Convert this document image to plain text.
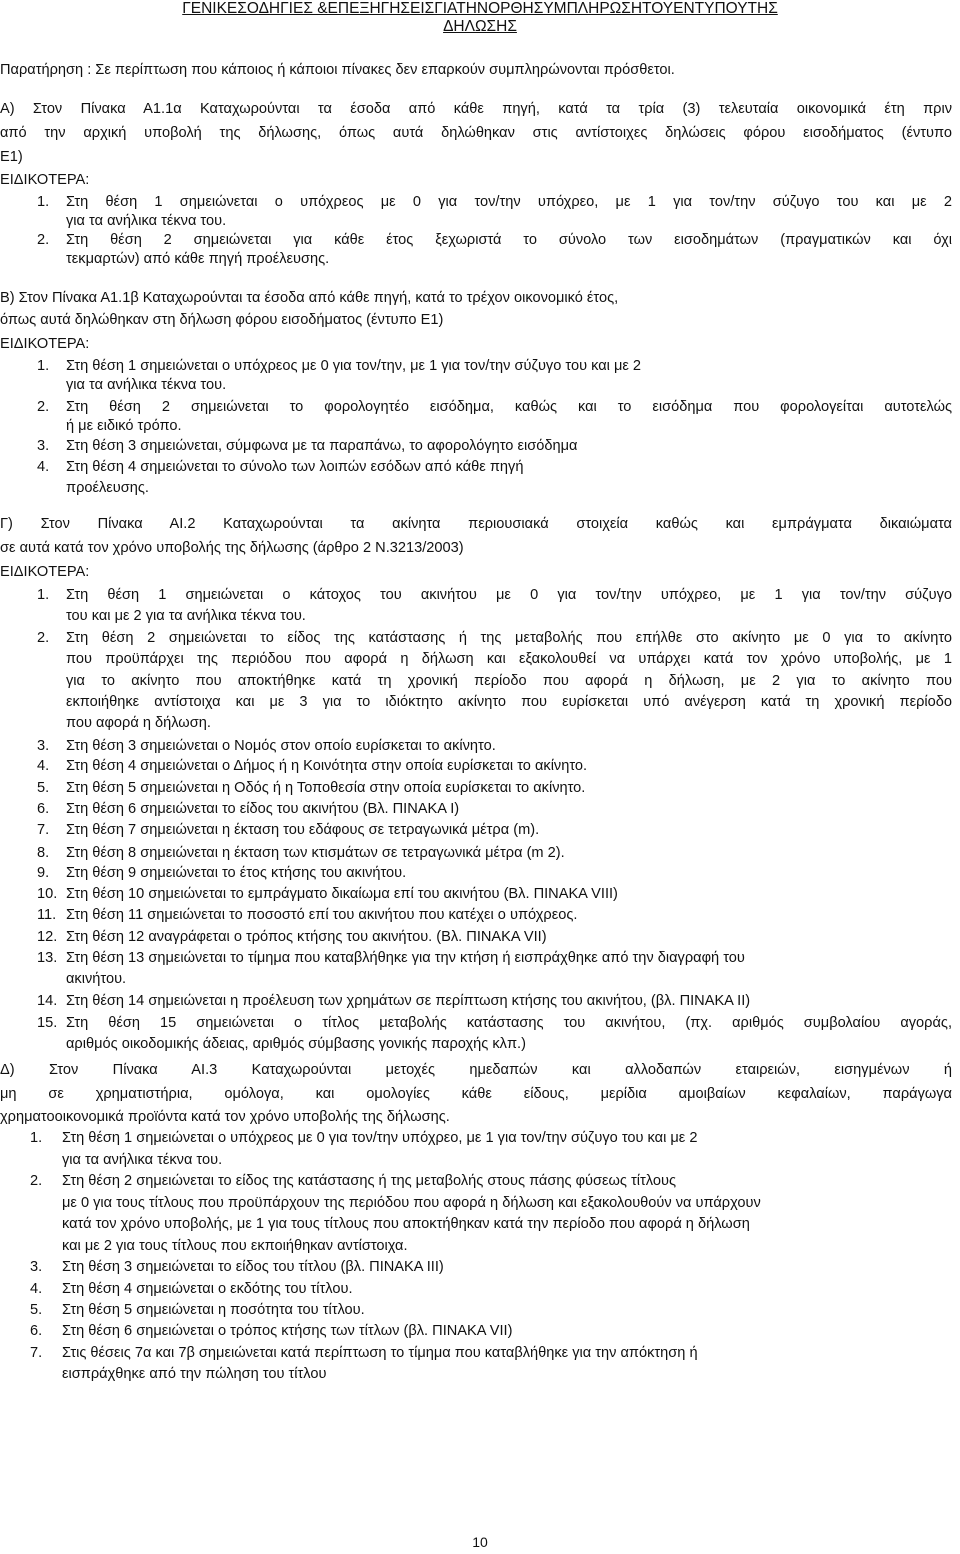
ΓΕΝΙΚΕΣΟΔΗΓΙΕΣ &ΕΠΕΞΗΓΗΣΕΙΣΓΙΑΤΗΝΟΡΘΗΣΥΜΠΛΗΡΩΣΗΤΟΥΕΝΤΥΠΟΥΤΗΣ
ΔΗΛΩΣΗΣ
Παρατήρηση : Σε περίπτωση που κάποιος ή κάποιοι πίνακες δεν επαρκούν συμπληρώνονται πρόσθετοι.
Α) Στον Πίνακα Α1.1α Καταχωρούνται τα έσοδα από κάθε πηγή, κατά τα τρία (3) τελευταία οικονομικά έτη πριν
από την αρχική υποβολή της δήλωσης, όπως αυτά δηλώθηκαν στις αντίστοιχες δηλώσεις φόρου εισοδήματος (έντυπο
Ε1)
ΕΙΔΙΚΟΤΕΡΑ:
1.	Στη θέση 1 σημειώνεται ο υπόχρεος με 0 για τον/την υπόχρεο, με 1 για τον/την σύζυγο του και με 2
για τα ανήλικα τέκνα του.
2.	Στη θέση 2 σημειώνεται για κάθε έτος ξεχωριστά το σύνολο των εισοδημάτων (πραγματικών και όχι
τεκμαρτών) από κάθε πηγή προέλευσης.
Β) Στον Πίνακα Α1.1β Καταχωρούνται τα έσοδα από κάθε πηγή, κατά το τρέχον οικονομικό έτος,
όπως αυτά δηλώθηκαν στη δήλωση φόρου εισοδήματος (έντυπο Ε1)
ΕΙΔΙΚΟΤΕΡΑ:
1.	Στη θέση 1 σημειώνεται ο υπόχρεος με 0 για τον/την, με 1 για τον/την σύζυγο του και με 2
για τα ανήλικα τέκνα του.
2.	Στη θέση 2 σημειώνεται το φορολογητέο εισόδημα, καθώς και το εισόδημα που φορολογείται αυτοτελώς
ή με ειδικό τρόπο.
3.	Στη θέση 3 σημειώνεται, σύμφωνα με τα παραπάνω, το αφορολόγητο εισόδημα
4.	Στη θέση 4 σημειώνεται το σύνολο των λοιπών εσόδων από κάθε πηγή
προέλευσης.
Γ) Στον Πίνακα ΑΙ.2 Καταχωρούνται τα ακίνητα περιουσιακά στοιχεία καθώς και εμπράγματα δικαιώματα
σε αυτά κατά τον χρόνο υποβολής της δήλωσης (άρθρο 2 Ν.3213/2003)
ΕΙΔΙΚΟΤΕΡΑ:
1.	Στη θέση 1 σημειώνεται ο κάτοχος του ακινήτου με 0 για τον/την υπόχρεο, με 1 για τον/την σύζυγο
του και με 2 για τα ανήλικα τέκνα του.
2.	Στη θέση 2 σημειώνεται το είδος της κατάστασης ή της μεταβολής που επήλθε στο ακίνητο με 0 για το ακίνητο
που προϋπάρχει της περιόδου που αφορά η δήλωση και εξακολουθεί να υπάρχει κατά τον χρόνο υποβολής, με 1
για το ακίνητο που αποκτήθηκε κατά τη χρονική περίοδο που αφορά η δήλωση, με 2 για το ακίνητο που
εκποιήθηκε αντίστοιχα και με 3 για το ιδιόκτητο ακίνητο που ευρίσκεται υπό ανέγερση κατά τη χρονική περίοδο
που αφορά η δήλωση.
3.	Στη θέση 3 σημειώνεται ο Νομός στον οποίο ευρίσκεται το ακίνητο.
4.	Στη θέση 4 σημειώνεται ο Δήμος ή η Κοινότητα στην οποία ευρίσκεται το ακίνητο.
5.	Στη θέση 5 σημειώνεται η Οδός ή η Τοποθεσία στην οποία ευρίσκεται το ακίνητο.
6.	Στη θέση 6 σημειώνεται το είδος του ακινήτου (Βλ. ΠΙΝΑΚΑ Ι)
7.	Στη θέση 7 σημειώνεται η έκταση του εδάφους σε τετραγωνικά μέτρα (m).
8.	Στη θέση 8 σημειώνεται η έκταση των κτισμάτων σε τετραγωνικά μέτρα (m 2).
9.	Στη θέση 9 σημειώνεται το έτος κτήσης του ακινήτου.
10. Στη θέση 10 σημειώνεται το εμπράγματο δικαίωμα επί του ακινήτου (Βλ. ΠΙΝΑΚΑ VIII)
11. Στη θέση 11 σημειώνεται το ποσοστό επί του ακινήτου που κατέχει ο υπόχρεος.
12. Στη θέση 12 αναγράφεται ο τρόπος κτήσης του ακινήτου. (Βλ. ΠΙΝΑΚΑ VII)
13. Στη θέση 13 σημειώνεται το τίμημα που καταβλήθηκε για την κτήση ή εισπράχθηκε από την διαγραφή του
ακινήτου.
14. Στη θέση 14 σημειώνεται η προέλευση των χρημάτων σε περίπτωση κτήσης του ακινήτου, (βλ. ΠΙΝΑΚΑ ΙΙ)
15. Στη θέση 15 σημειώνεται ο τίτλος μεταβολής κατάστασης του ακινήτου, (πχ. αριθμός συμβολαίου αγοράς,
αριθμός οικοδομικής άδειας, αριθμός σύμβασης γονικής παροχής κλπ.)
Δ) Στον Πίνακα ΑΙ.3 Καταχωρούνται μετοχές ημεδαπών και αλλοδαπών εταιρειών, εισηγμένων ή
μη σε χρηματιστήρια, ομόλογα, και ομολογίες κάθε είδους, μερίδια αμοιβαίων κεφαλαίων, παράγωγα
χρηματοοικονομικά προϊόντα κατά τον χρόνο υποβολής της δήλωσης.
1.	Στη θέση 1 σημειώνεται ο υπόχρεος με 0 για τον/την υπόχρεο, με 1 για τον/την σύζυγο του και με 2
για τα ανήλικα τέκνα του.
2.	Στη θέση 2 σημειώνεται το είδος της κατάστασης ή της μεταβολής στους πάσης φύσεως τίτλους
με 0 για τους τίτλους που προϋπάρχουν της περιόδου που αφορά η δήλωση και εξακολουθούν να υπάρχουν
κατά τον χρόνο υποβολής, με 1 για τους τίτλους που αποκτήθηκαν κατά την περίοδο που αφορά η δήλωση
και με 2 για τους τίτλους που εκποιήθηκαν αντίστοιχα.
3.	Στη θέση 3 σημειώνεται το είδος του τίτλου (βλ. ΠΙΝΑΚΑ ΙΙΙ)
4.	Στη θέση 4 σημειώνεται ο εκδότης του τίτλου.
5.	Στη θέση 5 σημειώνεται η ποσότητα του τίτλου.
6.	Στη θέση 6 σημειώνεται ο τρόπος κτήσης των τίτλων (βλ. ΠΙΝΑΚΑ VII)
7.	Στις θέσεις 7α και 7β σημειώνεται κατά περίπτωση το τίμημα που καταβλήθηκε για την απόκτηση ή
εισπράχθηκε από την πώληση του τίτλου
10
